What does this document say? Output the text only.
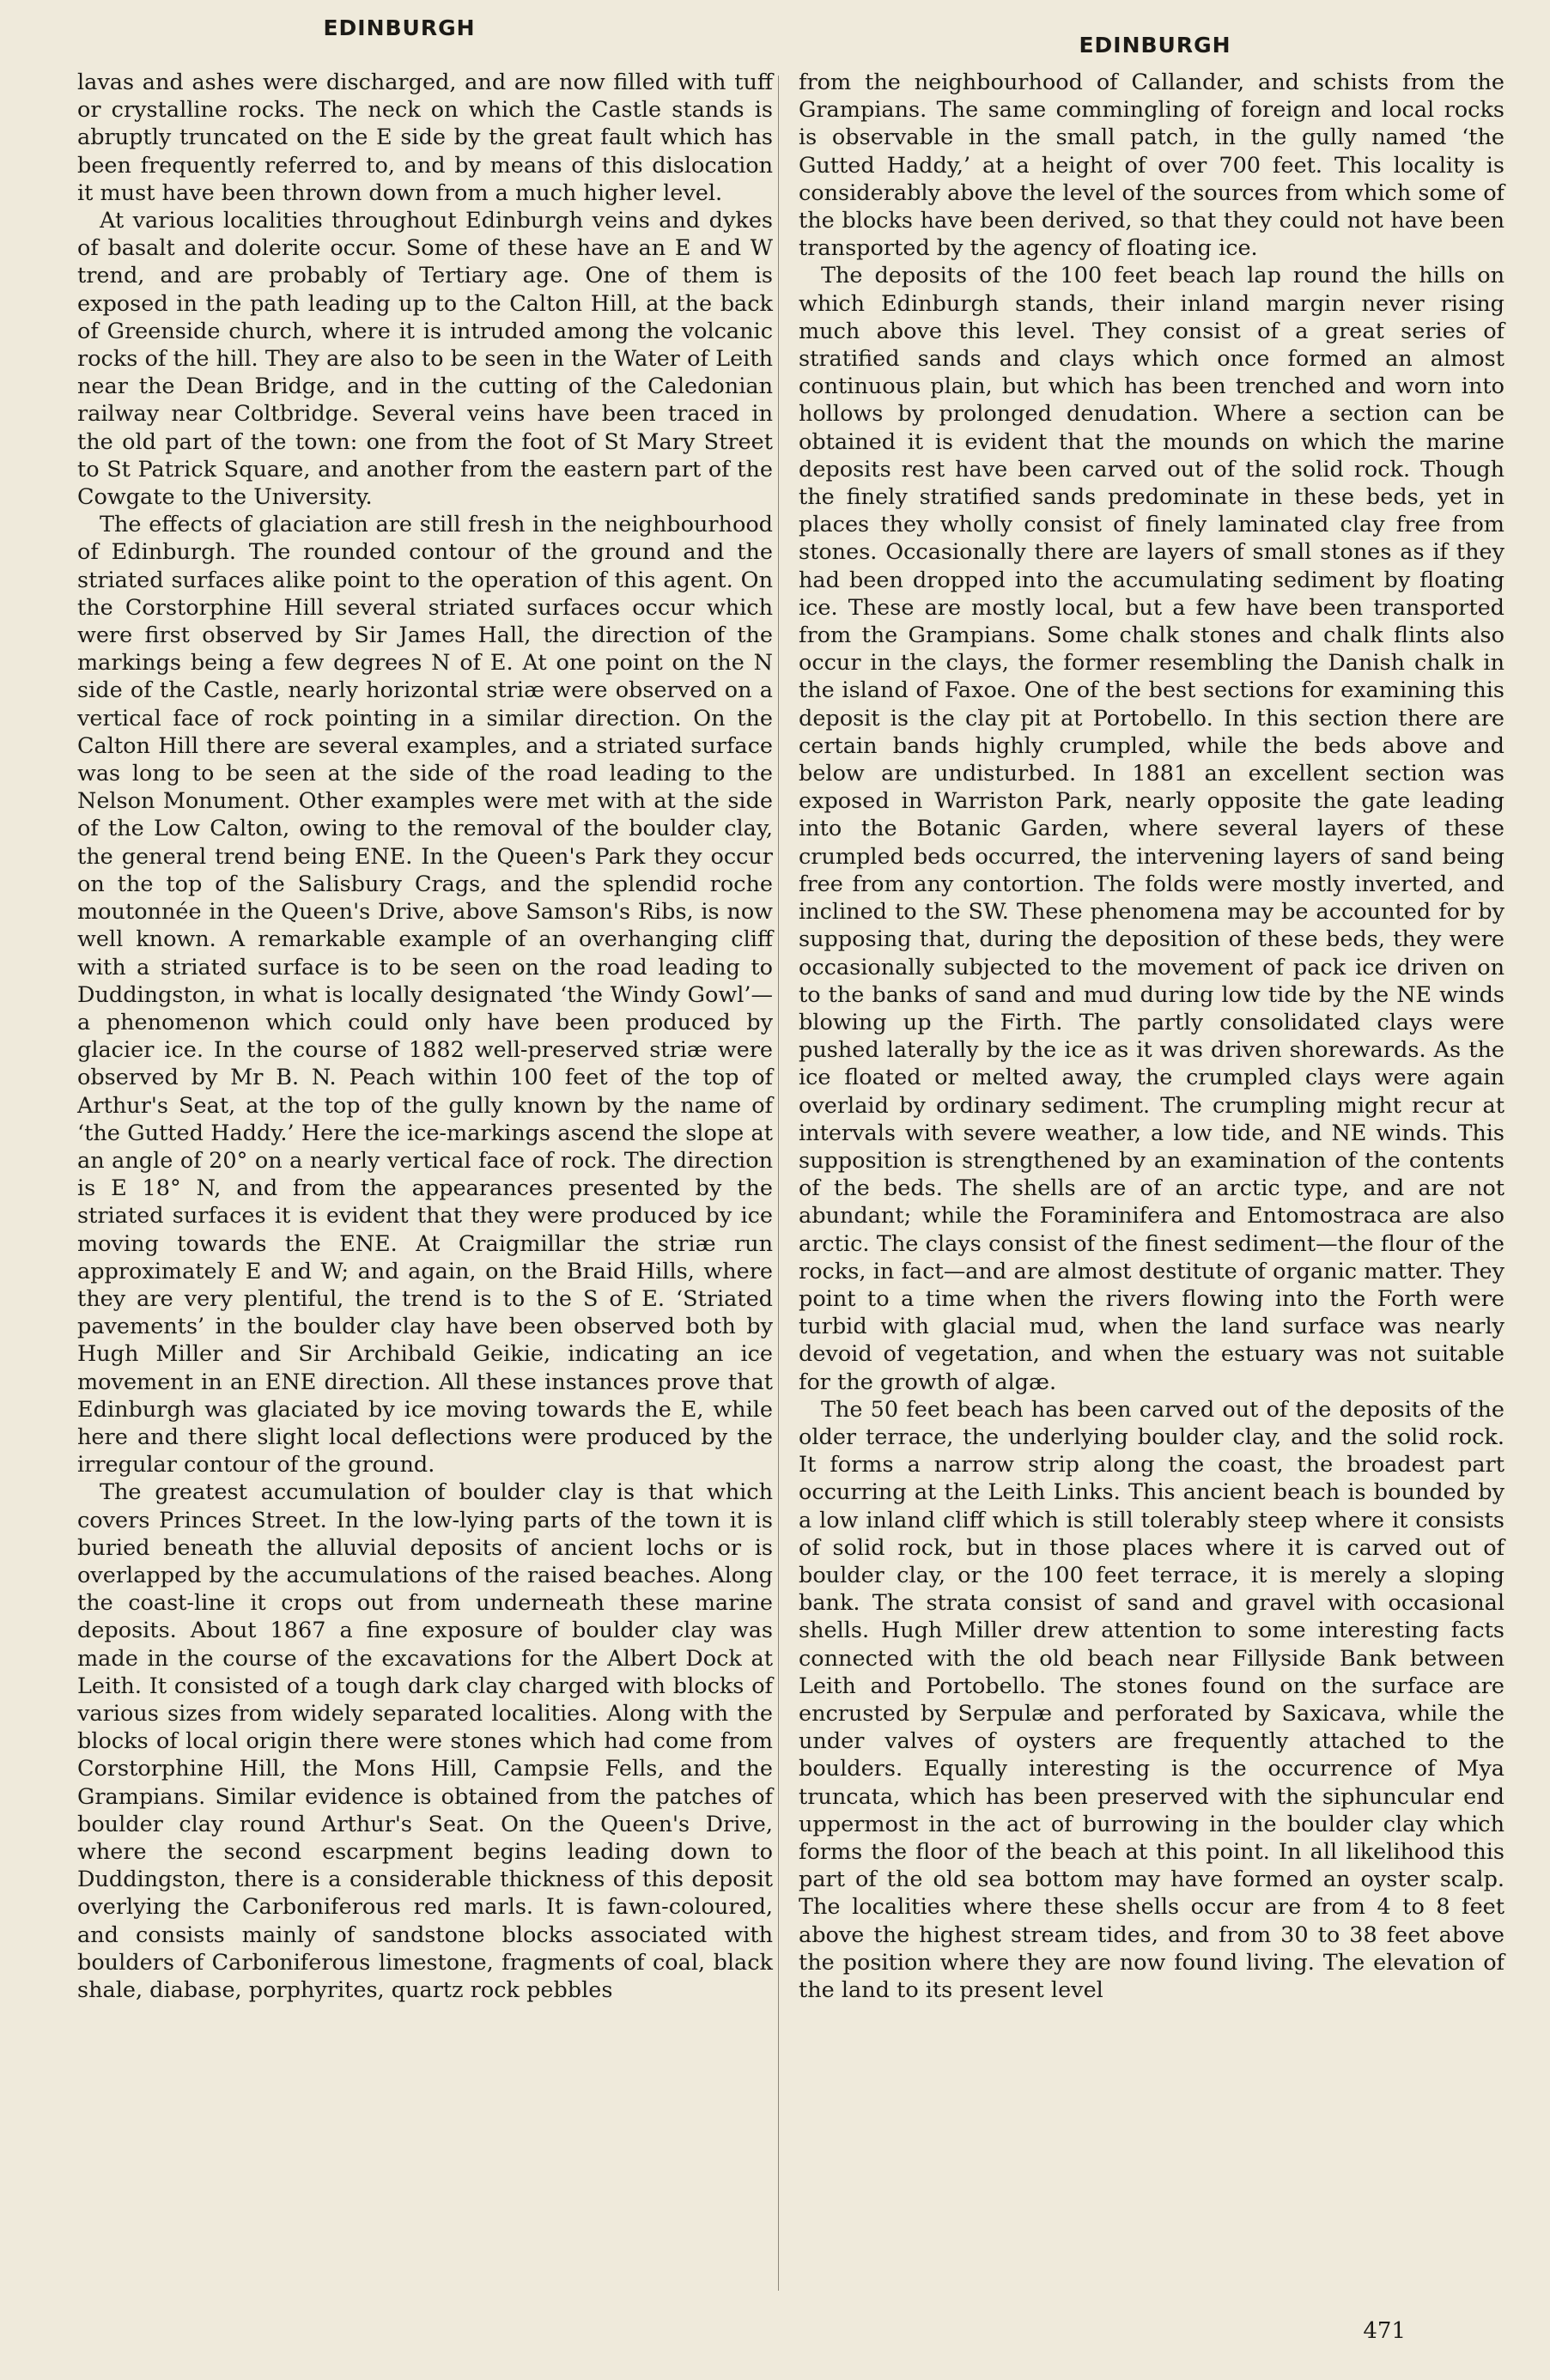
EDINBURGH

lavas and ashes were discharged, and are now filled with tuff or crystalline rocks. The neck on which the Castle stands is abruptly truncated on the E side by the great fault which has been frequently referred to, and by means of this dislocation it must have been thrown down from a much higher level.

At various localities throughout Edinburgh veins and dykes of basalt and dolerite occur. Some of these have an E and W trend, and are probably of Tertiary age. One of them is exposed in the path leading up to the Calton Hill, at the back of Greenside church, where it is intruded among the volcanic rocks of the hill. They are also to be seen in the Water of Leith near the Dean Bridge, and in the cutting of the Caledonian railway near Coltbridge. Several veins have been traced in the old part of the town: one from the foot of St Mary Street to St Patrick Square, and another from the eastern part of the Cowgate to the University.

The effects of glaciation are still fresh in the neighbourhood of Edinburgh. The rounded contour of the ground and the striated surfaces alike point to the operation of this agent. On the Corstorphine Hill several striated surfaces occur which were first observed by Sir James Hall, the direction of the markings being a few degrees N of E. At one point on the N side of the Castle, nearly horizontal striæ were observed on a vertical face of rock pointing in a similar direction. On the Calton Hill there are several examples, and a striated surface was long to be seen at the side of the road leading to the Nelson Monument. Other examples were met with at the side of the Low Calton, owing to the removal of the boulder clay, the general trend being ENE. In the Queen's Park they occur on the top of the Salisbury Crags, and the splendid roche moutonnée in the Queen's Drive, above Samson's Ribs, is now well known. A remarkable example of an overhanging cliff with a striated surface is to be seen on the road leading to Duddingston, in what is locally designated ‘the Windy Gowl’—a phenomenon which could only have been produced by glacier ice. In the course of 1882 well-preserved striæ were observed by Mr B. N. Peach within 100 feet of the top of Arthur's Seat, at the top of the gully known by the name of ‘the Gutted Haddy.’ Here the ice-markings ascend the slope at an angle of 20° on a nearly vertical face of rock. The direction is E 18° N, and from the appearances presented by the striated surfaces it is evident that they were produced by ice moving towards the ENE. At Craigmillar the striæ run approximately E and W; and again, on the Braid Hills, where they are very plentiful, the trend is to the S of E. ‘Striated pavements’ in the boulder clay have been observed both by Hugh Miller and Sir Archibald Geikie, indicating an ice movement in an ENE direction. All these instances prove that Edinburgh was glaciated by ice moving towards the E, while here and there slight local deflections were produced by the irregular contour of the ground.

The greatest accumulation of boulder clay is that which covers Princes Street. In the low-lying parts of the town it is buried beneath the alluvial deposits of ancient lochs or is overlapped by the accumulations of the raised beaches. Along the coast-line it crops out from underneath these marine deposits. About 1867 a fine exposure of boulder clay was made in the course of the excavations for the Albert Dock at Leith. It consisted of a tough dark clay charged with blocks of various sizes from widely separated localities. Along with the blocks of local origin there were stones which had come from Corstorphine Hill, the Mons Hill, Campsie Fells, and the Grampians. Similar evidence is obtained from the patches of boulder clay round Arthur's Seat. On the Queen's Drive, where the second escarpment begins leading down to Duddingston, there is a considerable thickness of this deposit overlying the Carboniferous red marls. It is fawn-coloured, and consists mainly of sandstone blocks associated with boulders of Carboniferous limestone, fragments of coal, black shale, diabase, porphyrites, quartz rock pebbles

EDINBURGH

from the neighbourhood of Callander, and schists from the Grampians. The same commingling of foreign and local rocks is observable in the small patch, in the gully named ‘the Gutted Haddy,’ at a height of over 700 feet. This locality is considerably above the level of the sources from which some of the blocks have been derived, so that they could not have been transported by the agency of floating ice.

The deposits of the 100 feet beach lap round the hills on which Edinburgh stands, their inland margin never rising much above this level. They consist of a great series of stratified sands and clays which once formed an almost continuous plain, but which has been trenched and worn into hollows by prolonged denudation. Where a section can be obtained it is evident that the mounds on which the marine deposits rest have been carved out of the solid rock. Though the finely stratified sands predominate in these beds, yet in places they wholly consist of finely laminated clay free from stones. Occasionally there are layers of small stones as if they had been dropped into the accumulating sediment by floating ice. These are mostly local, but a few have been transported from the Grampians. Some chalk stones and chalk flints also occur in the clays, the former resembling the Danish chalk in the island of Faxoe. One of the best sections for examining this deposit is the clay pit at Portobello. In this section there are certain bands highly crumpled, while the beds above and below are undisturbed. In 1881 an excellent section was exposed in Warriston Park, nearly opposite the gate leading into the Botanic Garden, where several layers of these crumpled beds occurred, the intervening layers of sand being free from any contortion. The folds were mostly inverted, and inclined to the SW. These phenomena may be accounted for by supposing that, during the deposition of these beds, they were occasionally subjected to the movement of pack ice driven on to the banks of sand and mud during low tide by the NE winds blowing up the Firth. The partly consolidated clays were pushed laterally by the ice as it was driven shorewards. As the ice floated or melted away, the crumpled clays were again overlaid by ordinary sediment. The crumpling might recur at intervals with severe weather, a low tide, and NE winds. This supposition is strengthened by an examination of the contents of the beds. The shells are of an arctic type, and are not abundant; while the Foraminifera and Entomostraca are also arctic. The clays consist of the finest sediment—the flour of the rocks, in fact—and are almost destitute of organic matter. They point to a time when the rivers flowing into the Forth were turbid with glacial mud, when the land surface was nearly devoid of vegetation, and when the estuary was not suitable for the growth of algæ.

The 50 feet beach has been carved out of the deposits of the older terrace, the underlying boulder clay, and the solid rock. It forms a narrow strip along the coast, the broadest part occurring at the Leith Links. This ancient beach is bounded by a low inland cliff which is still tolerably steep where it consists of solid rock, but in those places where it is carved out of boulder clay, or the 100 feet terrace, it is merely a sloping bank. The strata consist of sand and gravel with occasional shells. Hugh Miller drew attention to some interesting facts connected with the old beach near Fillyside Bank between Leith and Portobello. The stones found on the surface are encrusted by Serpulæ and perforated by Saxicava, while the under valves of oysters are frequently attached to the boulders. Equally interesting is the occurrence of Mya truncata, which has been preserved with the siphuncular end uppermost in the act of burrowing in the boulder clay which forms the floor of the beach at this point. In all likelihood this part of the old sea bottom may have formed an oyster scalp. The localities where these shells occur are from 4 to 8 feet above the highest stream tides, and from 30 to 38 feet above the position where they are now found living. The elevation of the land to its present level

471
